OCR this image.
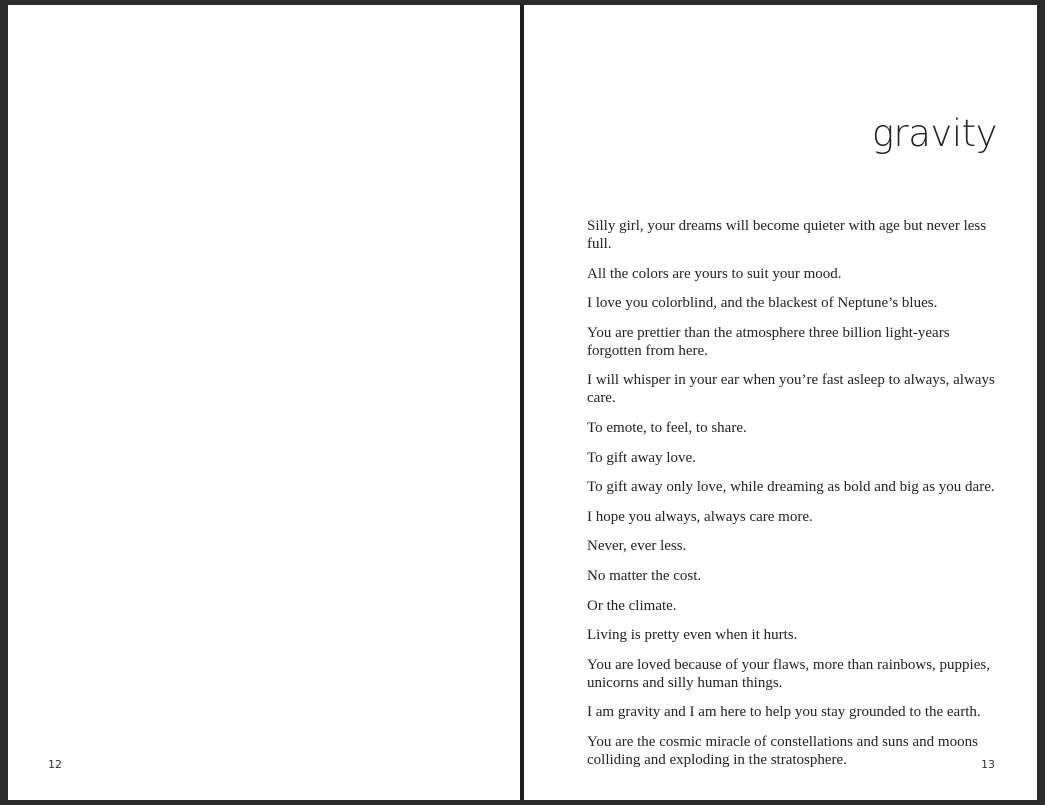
12
gravity
Silly girl, your dreams will become quieter with age but never less full.
All the colors are yours to suit your mood.
I love you colorblind, and the blackest of Neptune’s blues.
You are prettier than the atmosphere three billion light-years forgotten from here.
I will whisper in your ear when you’re fast asleep to always, always care.
To emote, to feel, to share.
To gift away love.
To gift away only love, while dreaming as bold and big as you dare.
I hope you always, always care more.
Never, ever less.
No matter the cost.
Or the climate.
Living is pretty even when it hurts.
You are loved because of your flaws, more than rainbows, puppies, unicorns and silly human things.
I am gravity and I am here to help you stay grounded to the earth.
You are the cosmic miracle of constellations and suns and moons colliding and exploding in the stratosphere.	13
